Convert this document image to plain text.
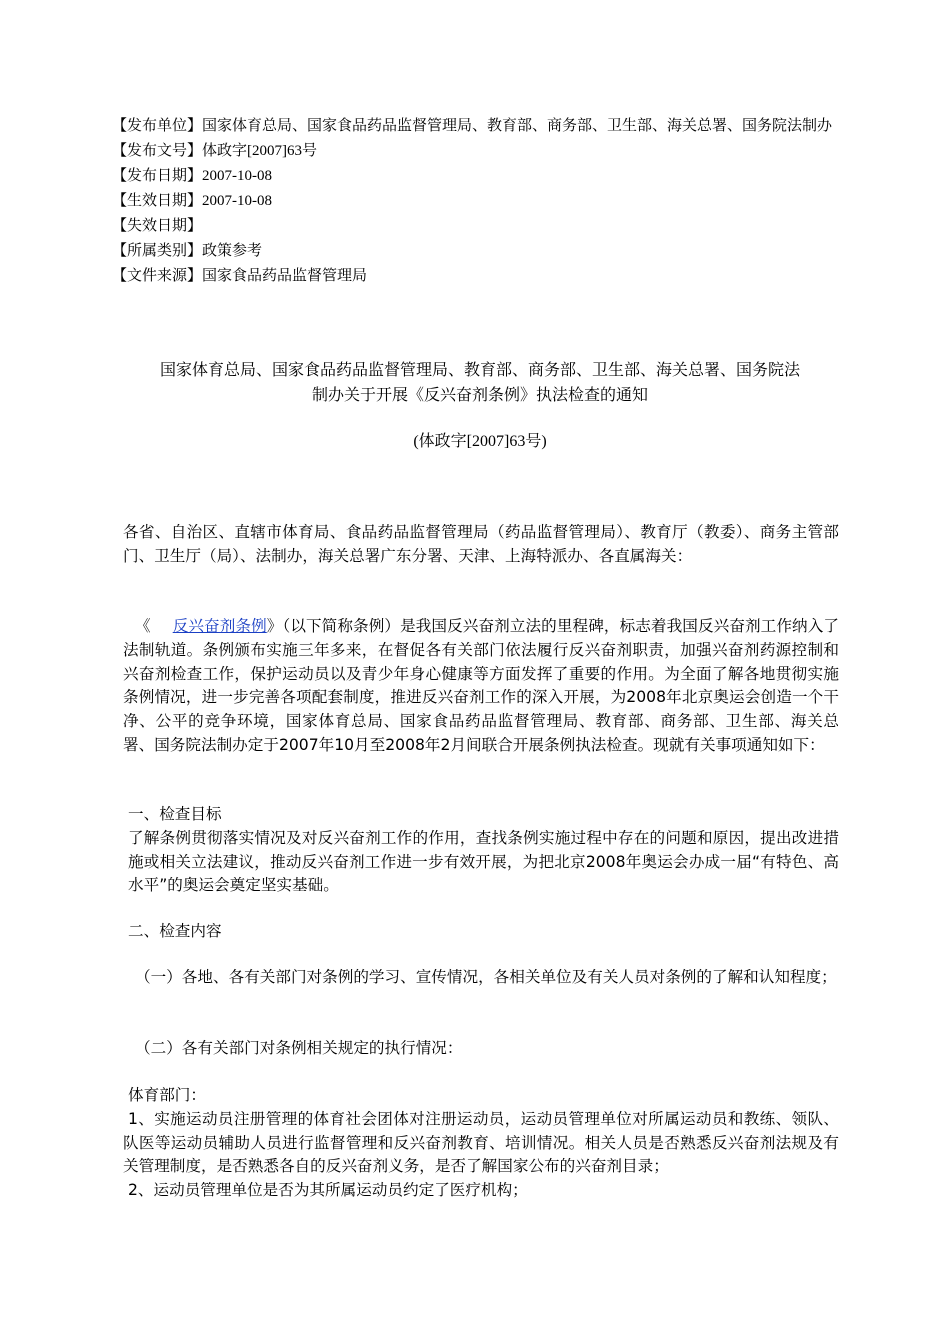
【发布单位】国家体育总局、国家食品药品监督管理局、教育部、商务部、卫生部、海关总署、国务院法制办
【发布文号】体政字[2007]63号
【发布日期】2007-10-08
【生效日期】2007-10-08
【失效日期】
【所属类别】政策参考
【文件来源】国家食品药品监督管理局
国家体育总局、国家食品药品监督管理局、教育部、商务部、卫生部、海关总署、国务院法
制办关于开展《反兴奋剂条例》执法检查的通知
(体政字[2007]63号)

各省、自治区、直辖市体育局、食品药品监督管理局（药品监督管理局）、教育厅（教委）、商务主管部门、卫生厅（局）、法制办，海关总署广东分署、天津、上海特派办、各直属海关：

《 反兴奋剂条例》（以下简称条例）是我国反兴奋剂立法的里程碑，标志着我国反兴奋剂工作纳入了法制轨道。条例颁布实施三年多来，在督促各有关部门依法履行反兴奋剂职责，加强兴奋剂药源控制和兴奋剂检查工作，保护运动员以及青少年身心健康等方面发挥了重要的作用。为全面了解各地贯彻实施条例情况，进一步完善各项配套制度，推进反兴奋剂工作的深入开展，为2008年北京奥运会创造一个干净、公平的竞争环境，国家体育总局、国家食品药品监督管理局、教育部、商务部、卫生部、海关总署、国务院法制办定于2007年10月至2008年2月间联合开展条例执法检查。现就有关事项通知如下：

一、检查目标

了解条例贯彻落实情况及对反兴奋剂工作的作用，查找条例实施过程中存在的问题和原因，提出改进措施或相关立法建议，推动反兴奋剂工作进一步有效开展，为把北京2008年奥运会办成一届“有特色、高水平”的奥运会奠定坚实基础。

二、检查内容

（一）各地、各有关部门对条例的学习、宣传情况，各相关单位及有关人员对条例的了解和认知程度；

（二）各有关部门对条例相关规定的执行情况：

体育部门：

1、实施运动员注册管理的体育社会团体对注册运动员，运动员管理单位对所属运动员和教练、领队、队医等运动员辅助人员进行监督管理和反兴奋剂教育、培训情况。相关人员是否熟悉反兴奋剂法规及有关管理制度，是否熟悉各自的反兴奋剂义务，是否了解国家公布的兴奋剂目录；

2、运动员管理单位是否为其所属运动员约定了医疗机构；
